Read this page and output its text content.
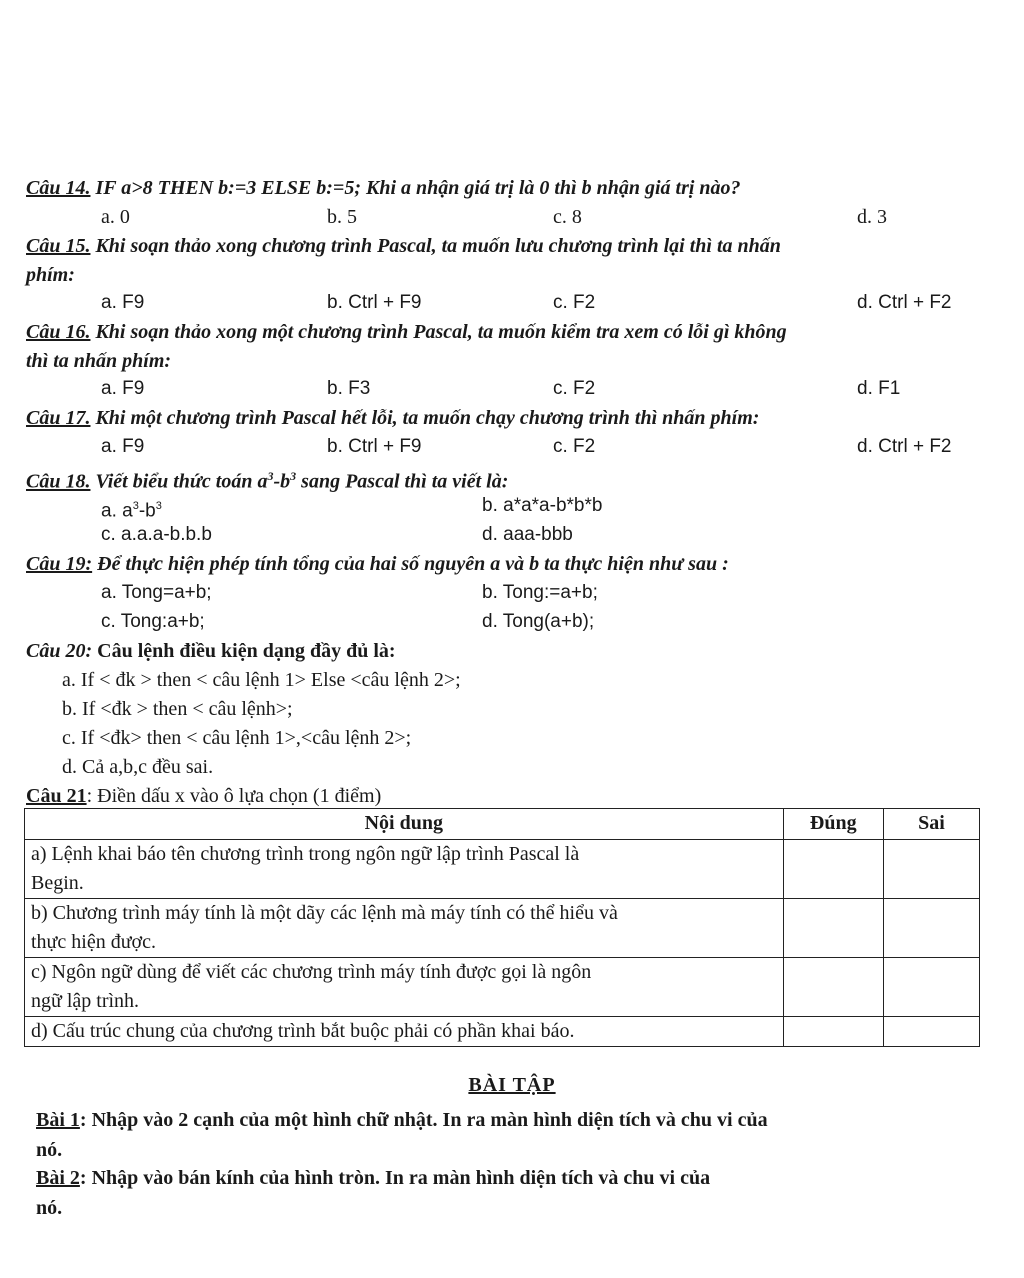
Câu 14. IF a>8 THEN b:=3 ELSE b:=5; Khi a nhận giá trị là 0 thì b nhận giá trị nào?
a. 0	b. 5	c. 8	d. 3
Câu 15. Khi soạn thảo xong chương trình Pascal, ta muốn lưu chương trình lại thì ta nhấn
phím:
a. F9	b. Ctrl + F9	c. F2	d. Ctrl + F2
Câu 16. Khi soạn thảo xong một chương trình Pascal, ta muốn kiểm tra xem có lỗi gì không
thì ta nhấn phím:
a. F9	b. F3	c. F2	d. F1
Câu 17. Khi một chương trình Pascal hết lỗi, ta muốn chạy chương trình thì nhấn phím:
a. F9	b. Ctrl + F9	c. F2	d. Ctrl + F2
Câu 18. Viết biểu thức toán $a^3-b^3$ sang Pascal thì ta viết là:
a. $a^3-b^3$	b. a*a*a-b*b*b
c. a.a.a-b.b.b	d. aaa-bbb
Câu 19: Để thực hiện phép tính tổng của hai số nguyên a và b ta thực hiện như sau :
a. Tong=a+b;	b. Tong:=a+b;
c. Tong:a+b;	d. Tong(a+b);
Câu 20: Câu lệnh điều kiện dạng đầy đủ là:
a. If < đk > then < câu lệnh 1> Else <câu lệnh 2>;
b. If <đk > then < câu lệnh>;
c. If <đk> then < câu lệnh 1>,<câu lệnh 2>;
d. Cả a,b,c đều sai.
Câu 21: Điền dấu x vào ô lựa chọn (1 điểm)
Nội dung	Đúng	Sai

a) Lệnh khai báo tên chương trình trong ngôn ngữ lập trình Pascal là
Begin.		

b) Chương trình máy tính là một dãy các lệnh mà máy tính có thể hiểu và
thực hiện được.		

c) Ngôn ngữ dùng để viết các chương trình máy tính được gọi là ngôn
ngữ lập trình.		

d) Cấu trúc chung của chương trình bắt buộc phải có phần khai báo.		

BÀI TẬP
Bài 1: Nhập vào 2 cạnh của một hình chữ nhật. In ra màn hình diện tích và chu vi của
nó.
Bài 2: Nhập vào bán kính của hình tròn. In ra màn hình diện tích và chu vi của
nó.
